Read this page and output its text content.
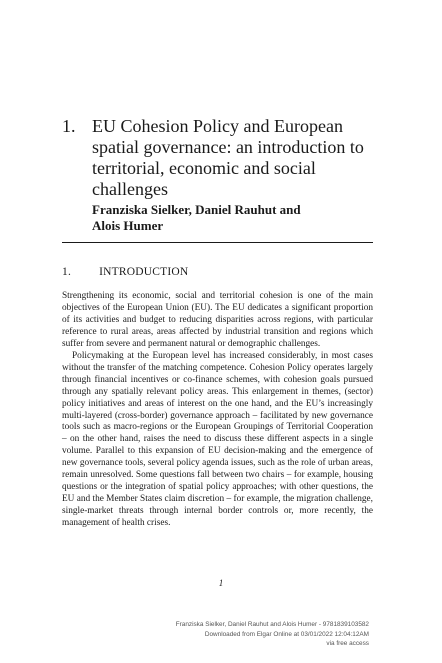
1. EU Cohesion Policy and European spatial governance: an introduction to territorial, economic and social challenges
Franziska Sielker, Daniel Rauhut and
Alois Humer
1. INTRODUCTION

Strengthening its economic, social and territorial cohesion is one of the main objectives of the European Union (EU). The EU dedicates a significant proportion of its activities and budget to reducing disparities across regions, with particular reference to rural areas, areas affected by industrial transition and regions which suffer from severe and permanent natural or demographic challenges.

Policymaking at the European level has increased considerably, in most cases without the transfer of the matching competence. Cohesion Policy operates largely through financial incentives or co-finance schemes, with cohesion goals pursued through any spatially relevant policy areas. This enlargement in themes, (sector) policy initiatives and areas of interest on the one hand, and the EU’s increasingly multi-layered (cross-border) governance approach – facilitated by new governance tools such as macro-regions or the European Groupings of Territorial Cooperation – on the other hand, raises the need to discuss these different aspects in a single volume. Parallel to this expansion of EU decision-making and the emergence of new governance tools, several policy agenda issues, such as the role of urban areas, remain unresolved. Some questions fall between two chairs – for example, housing questions or the integration of spatial policy approaches; with other questions, the EU and the Member States claim discretion – for example, the migration challenge, single-market threats through internal border controls or, more recently, the management of health crises.

1
Franziska Sielker, Daniel Rauhut and Alois Humer - 9781839103582
Downloaded from Elgar Online at 03/01/2022 12:04:12AM
via free access
